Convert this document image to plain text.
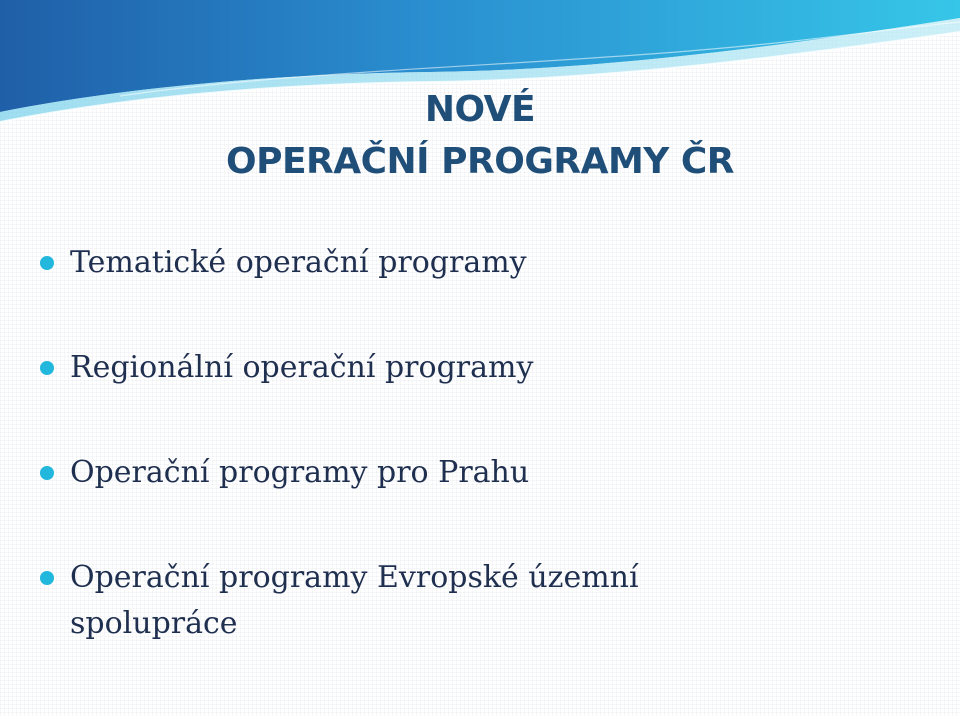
NOVÉ
OPERAČNÍ PROGRAMY ČR
Tematické operační programy
Regionální operační programy
Operační programy pro Prahu
Operační programy Evropské územní spolupráce
